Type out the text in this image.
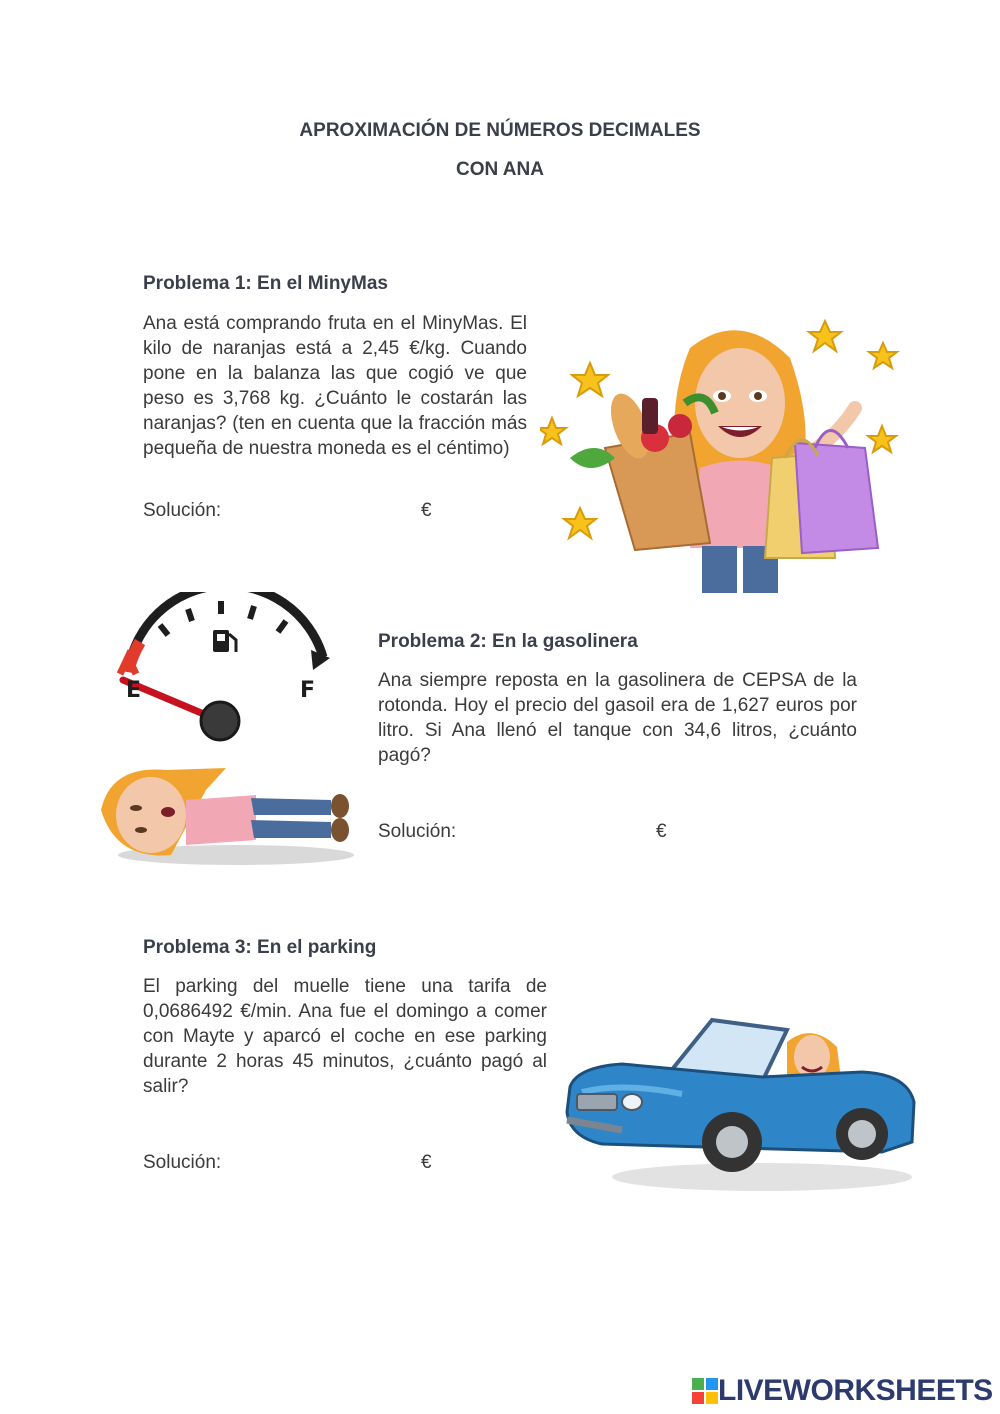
APROXIMACIÓN DE NÚMEROS DECIMALES
CON ANA
Problema 1: En el MinyMas
Ana está comprando fruta en el MinyMas. El kilo de naranjas está a 2,45 €/kg. Cuando pone en la balanza las que cogió ve que peso es 3,768 kg. ¿Cuánto le costarán las naranjas? (ten en cuenta que la fracción más pequeña de nuestra moneda es el céntimo)
Solución:	€
E	F
Problema 2: En la gasolinera
Ana siempre reposta en la gasolinera de CEPSA de la rotonda. Hoy el precio del gasoil era de 1,627 euros por litro. Si Ana llenó el tanque con 34,6 litros, ¿cuánto pagó?
Solución:	€
Problema 3: En el parking
El parking del muelle tiene una tarifa de 0,0686492 €/min. Ana fue el domingo a comer con Mayte y aparcó el coche en ese parking durante 2 horas 45 minutos, ¿cuánto pagó al salir?
Solución:	€
LIVEWORKSHEETS
